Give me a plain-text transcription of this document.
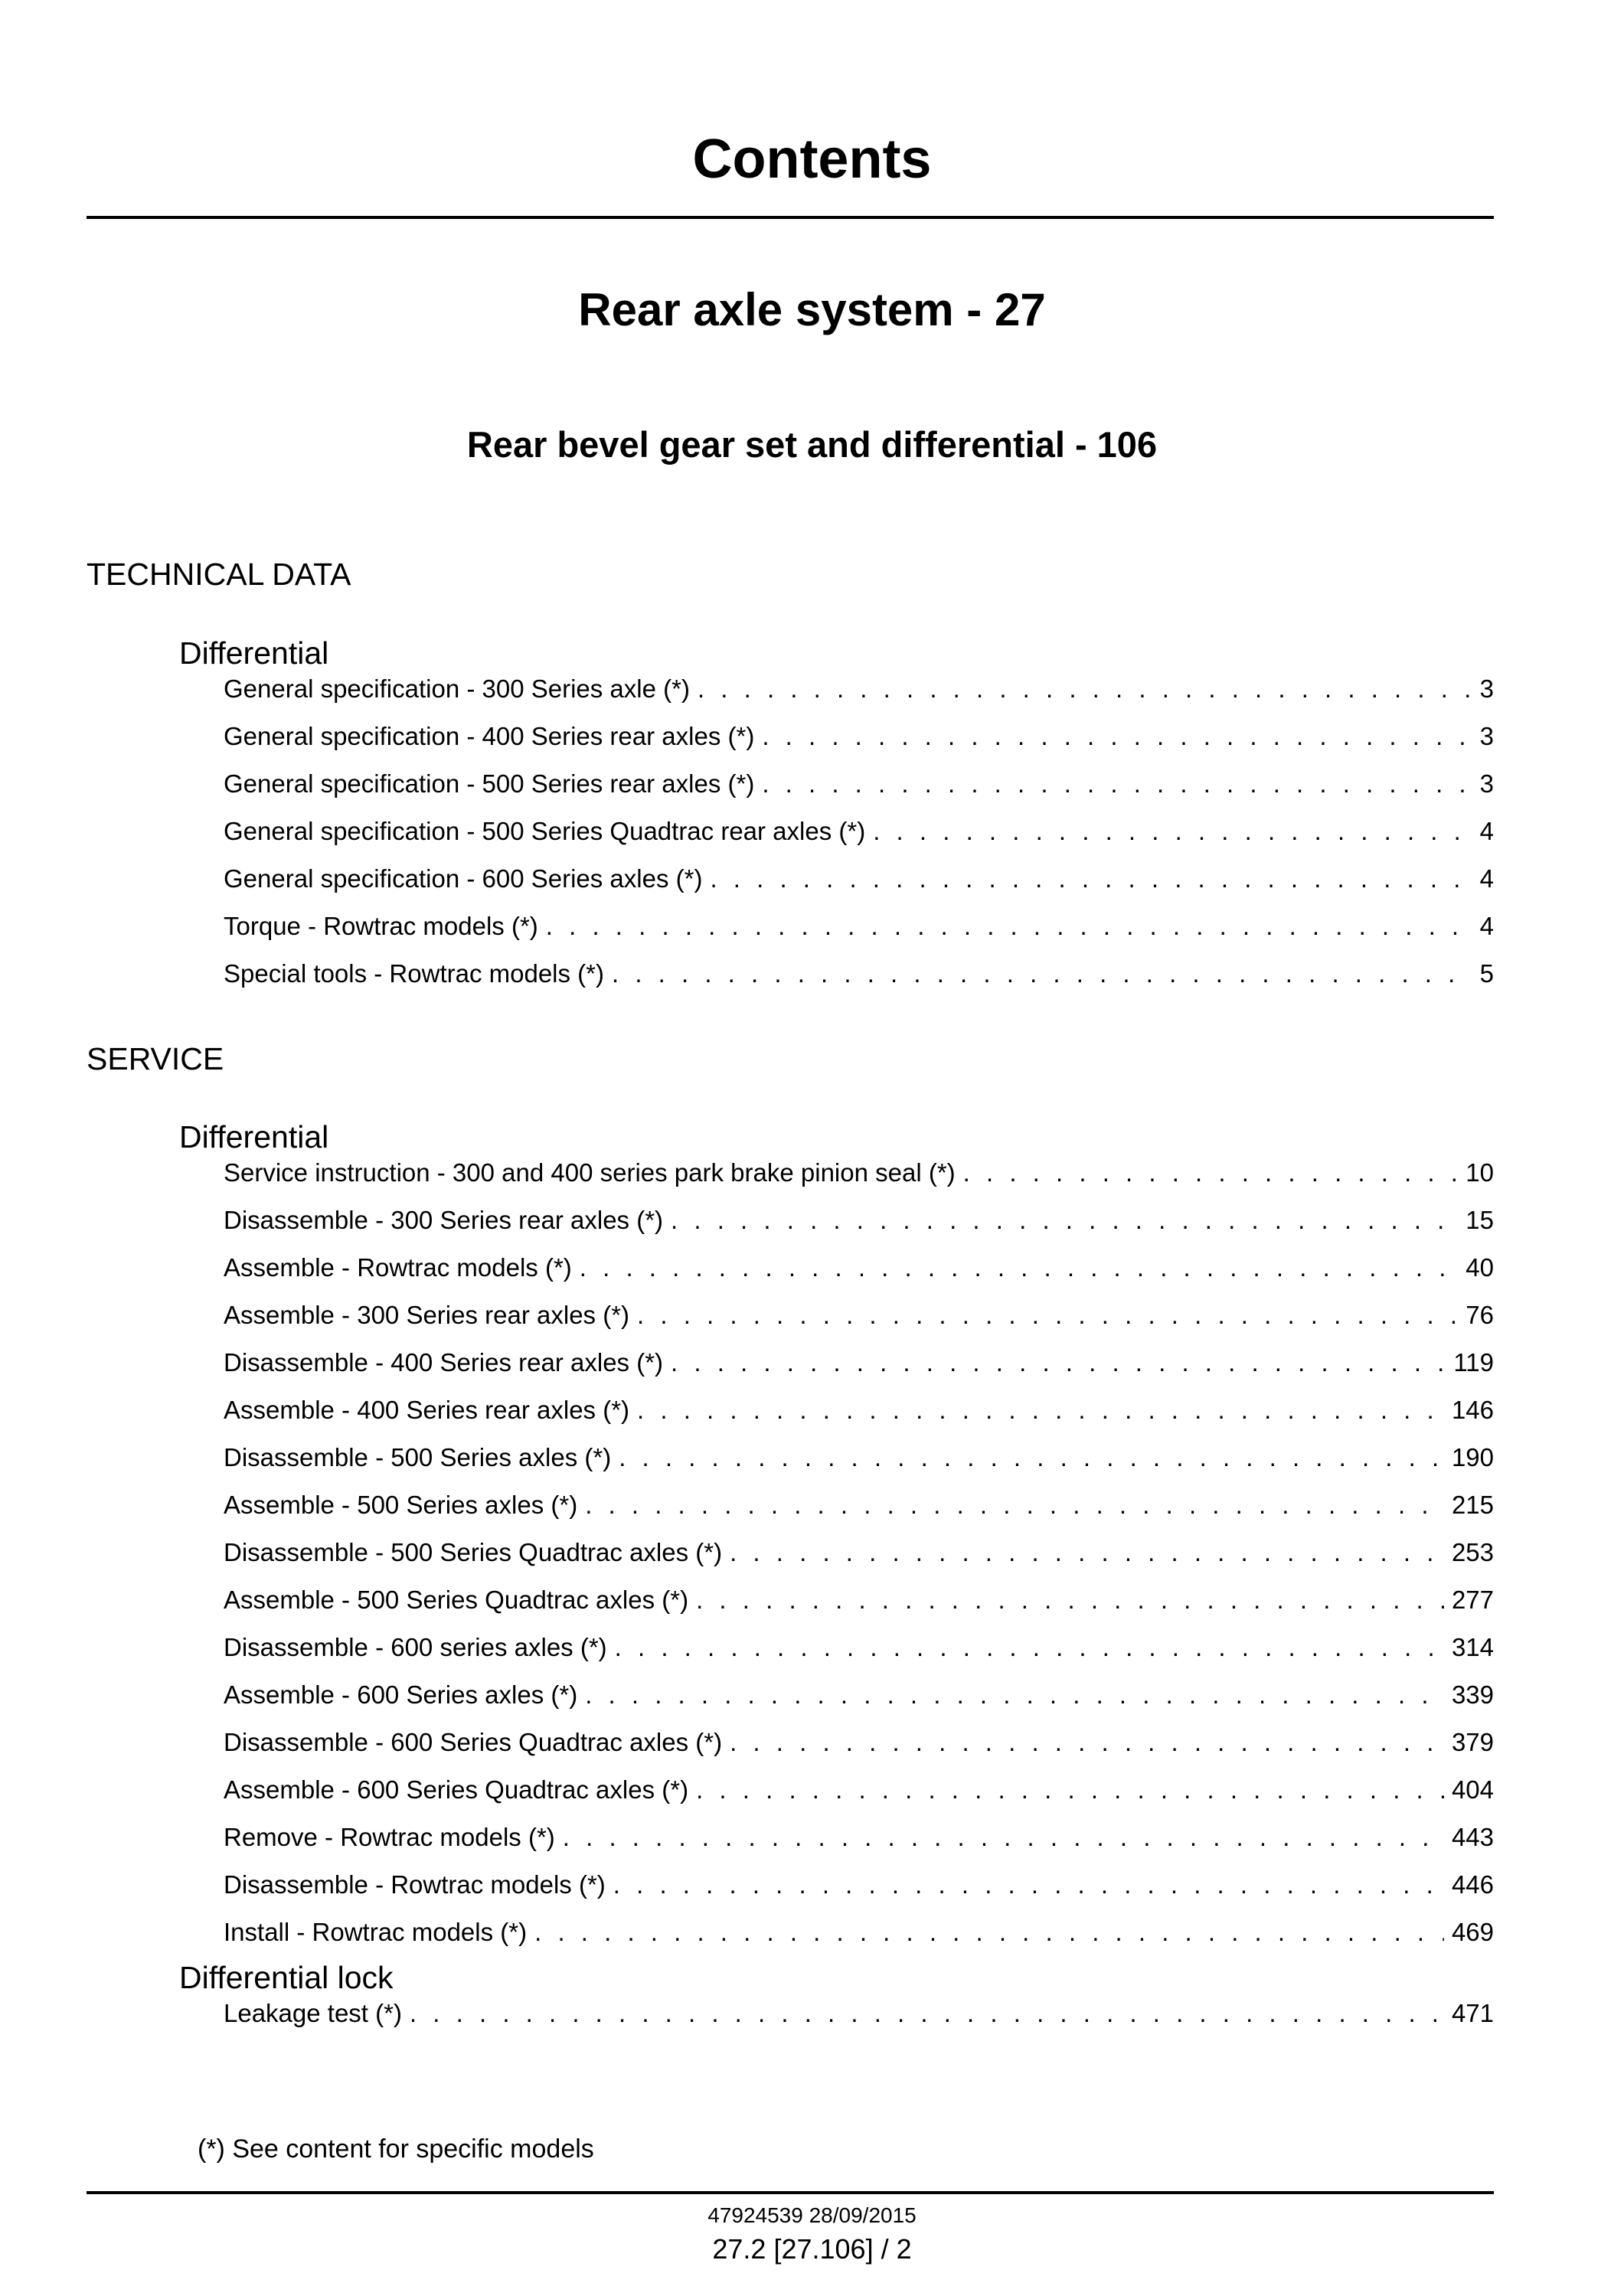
Contents
Rear axle system - 27
Rear bevel gear set and differential - 106
TECHNICAL DATA
Differential
General specification - 300 Series axle (*) . . .	3
General specification - 400 Series rear axles (*) . . .	3
General specification - 500 Series rear axles (*) . . .	3
General specification - 500 Series Quadtrac rear axles (*) . . .	4
General specification - 600 Series axles (*) . . .	4
Torque - Rowtrac models (*) . . .	4
Special tools - Rowtrac models (*) . . .	5
SERVICE
Differential
Service instruction - 300 and 400 series park brake pinion seal (*) . . .	10
Disassemble - 300 Series rear axles (*) . . .	15
Assemble - Rowtrac models (*) . . .	40
Assemble - 300 Series rear axles (*) . . .	76
Disassemble - 400 Series rear axles (*) . . .	119
Assemble - 400 Series rear axles (*) . . .	146
Disassemble - 500 Series axles (*) . . .	190
Assemble - 500 Series axles (*) . . .	215
Disassemble - 500 Series Quadtrac axles (*) . . .	253
Assemble - 500 Series Quadtrac axles (*) . . .	277
Disassemble - 600 series axles (*) . . .	314
Assemble - 600 Series axles (*) . . .	339
Disassemble - 600 Series Quadtrac axles (*) . . .	379
Assemble - 600 Series Quadtrac axles (*) . . .	404
Remove - Rowtrac models (*) . . .	443
Disassemble - Rowtrac models (*) . . .	446
Install - Rowtrac models (*) . . .	469
Differential lock
Leakage test (*) . . .	471
(*) See content for specific models
47924539 28/09/2015
27.2 [27.106] / 2
